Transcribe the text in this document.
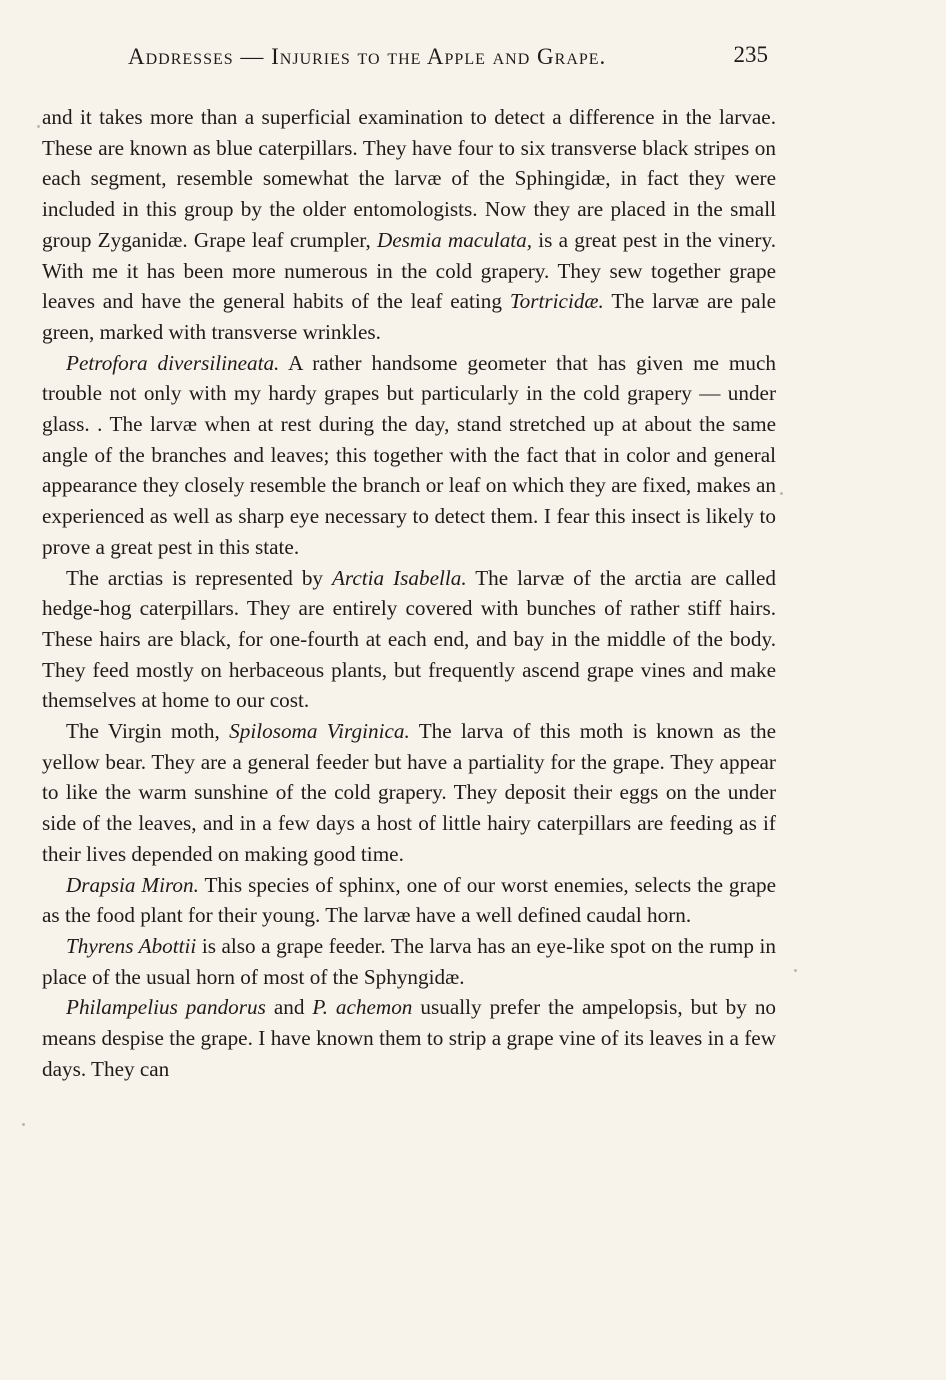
Addresses — Injuries to the Apple and Grape.	235

and it takes more than a superficial examination to detect a difference in the larvae. These are known as blue caterpillars. They have four to six transverse black stripes on each segment, resemble somewhat the larvæ of the Sphingidæ, in fact they were included in this group by the older entomologists. Now they are placed in the small group Zyganidæ. Grape leaf crumpler, Desmia maculata, is a great pest in the vinery. With me it has been more numerous in the cold grapery. They sew together grape leaves and have the general habits of the leaf eating Tortricidæ. The larvæ are pale green, marked with transverse wrinkles.

Petrofora diversilineata. A rather handsome geometer that has given me much trouble not only with my hardy grapes but particularly in the cold grapery — under glass. . The larvæ when at rest during the day, stand stretched up at about the same angle of the branches and leaves; this together with the fact that in color and general appearance they closely resemble the branch or leaf on which they are fixed, makes an experienced as well as sharp eye necessary to detect them. I fear this insect is likely to prove a great pest in this state.

The arctias is represented by Arctia Isabella. The larvæ of the arctia are called hedge-hog caterpillars. They are entirely covered with bunches of rather stiff hairs. These hairs are black, for one-fourth at each end, and bay in the middle of the body. They feed mostly on herbaceous plants, but frequently ascend grape vines and make themselves at home to our cost.

The Virgin moth, Spilosoma Virginica. The larva of this moth is known as the yellow bear. They are a general feeder but have a partiality for the grape. They appear to like the warm sunshine of the cold grapery. They deposit their eggs on the under side of the leaves, and in a few days a host of little hairy caterpillars are feeding as if their lives depended on making good time.

Drapsia Miron. This species of sphinx, one of our worst enemies, selects the grape as the food plant for their young. The larvæ have a well defined caudal horn.

Thyrens Abottii is also a grape feeder. The larva has an eye-like spot on the rump in place of the usual horn of most of the Sphyngidæ.

Philampelius pandorus and P. achemon usually prefer the ampelopsis, but by no means despise the grape. I have known them to strip a grape vine of its leaves in a few days. They can
